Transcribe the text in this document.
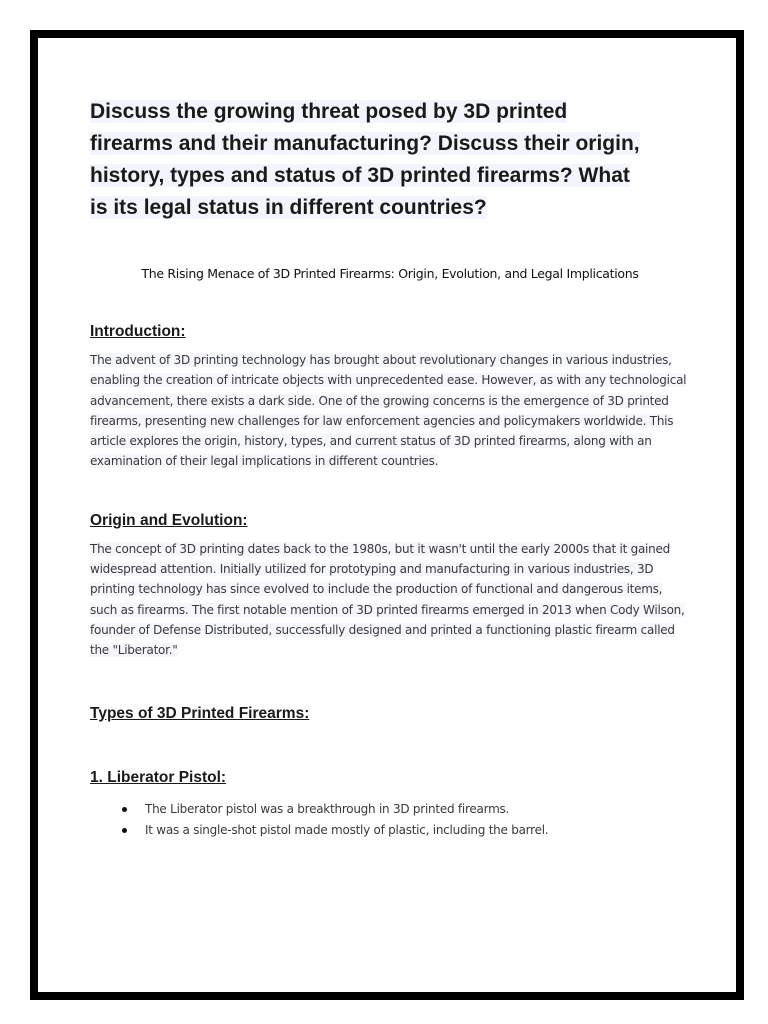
Discuss the growing threat posed by 3D printed firearms and their manufacturing? Discuss their origin, history, types and status of 3D printed firearms? What is its legal status in different countries?
The Rising Menace of 3D Printed Firearms: Origin, Evolution, and Legal Implications
Introduction:

The advent of 3D printing technology has brought about revolutionary changes in various industries, enabling the creation of intricate objects with unprecedented ease. However, as with any technological advancement, there exists a dark side. One of the growing concerns is the emergence of 3D printed firearms, presenting new challenges for law enforcement agencies and policymakers worldwide. This article explores the origin, history, types, and current status of 3D printed firearms, along with an examination of their legal implications in different countries.

Origin and Evolution:

The concept of 3D printing dates back to the 1980s, but it wasn't until the early 2000s that it gained widespread attention. Initially utilized for prototyping and manufacturing in various industries, 3D printing technology has since evolved to include the production of functional and dangerous items, such as firearms. The first notable mention of 3D printed firearms emerged in 2013 when Cody Wilson, founder of Defense Distributed, successfully designed and printed a functioning plastic firearm called the "Liberator."

Types of 3D Printed Firearms:
1. Liberator Pistol:
The Liberator pistol was a breakthrough in 3D printed firearms.
It was a single-shot pistol made mostly of plastic, including the barrel.
